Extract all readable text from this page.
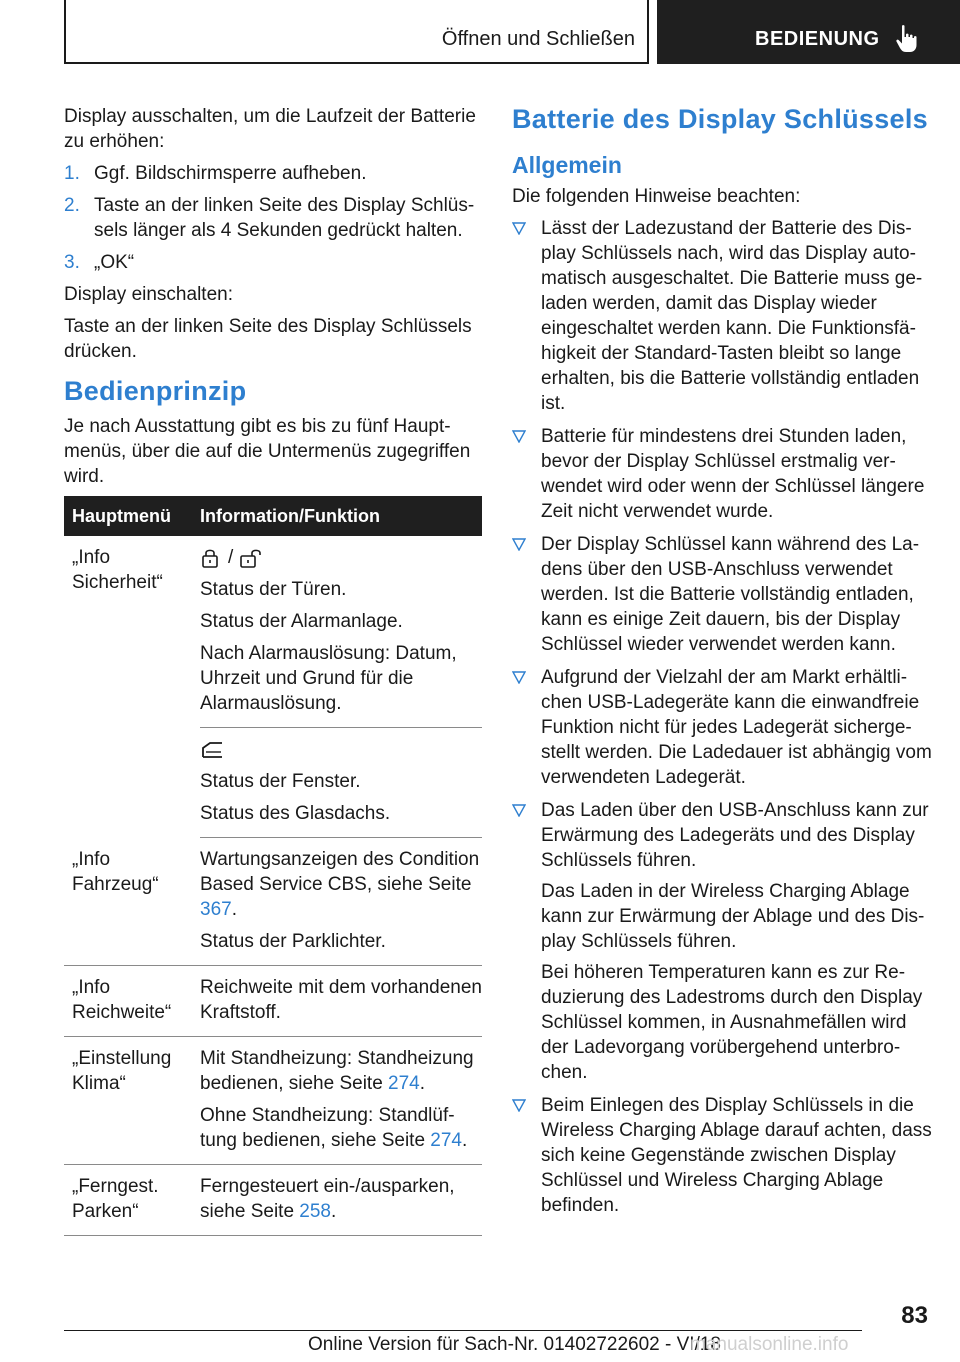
Öffnen und Schließen	BEDIENUNG

Display ausschalten, um die Laufzeit der Batterie zu erhöhen:

1. Ggf. Bildschirmsperre aufheben.
2. Taste an der linken Seite des Display Schlüssels länger als 4 Sekunden gedrückt halten.
3. „OK“

Display einschalten:

Taste an der linken Seite des Display Schlüssels drücken.

Bedienprinzip

Je nach Ausstattung gibt es bis zu fünf Hauptmenüs, über die auf die Untermenüs zugegriffen wird.

Hauptmenü	Information/Funktion
„Info Sicherheit“
/

Status der Türen.

Status der Alarmanlage.

Nach Alarmauslösung: Datum, Uhrzeit und Grund für die Alarmauslösung.

Status der Fenster.

Status des Glasdachs.

„Info Fahrzeug“

Wartungsanzeigen des Condition Based Service CBS, siehe Seite 367.

Status der Parklichter.

„Info Reichweite“

Reichweite mit dem vorhandenen Kraftstoff.

„Einstellung Klima“

Mit Standheizung: Standheizung bedienen, siehe Seite 274.

Ohne Standheizung: Standlüftung bedienen, siehe Seite 274.

„Ferngest. Parken“

Ferngesteuert ein-/ausparken, siehe Seite 258.

Batterie des Display Schlüssels
Allgemein

Die folgenden Hinweise beachten:

Lässt der Ladezustand der Batterie des Display Schlüssels nach, wird das Display automatisch ausgeschaltet. Die Batterie muss geladen werden, damit das Display wieder eingeschaltet werden kann. Die Funktionsfähigkeit der Standard-Tasten bleibt so lange erhalten, bis die Batterie vollständig entladen ist.

Batterie für mindestens drei Stunden laden, bevor der Display Schlüssel erstmalig verwendet wird oder wenn der Schlüssel längere Zeit nicht verwendet wurde.

Der Display Schlüssel kann während des Ladens über den USB-Anschluss verwendet werden. Ist die Batterie vollständig entladen, kann es einige Zeit dauern, bis der Display Schlüssel wieder verwendet werden kann.

Aufgrund der Vielzahl der am Markt erhältlichen USB-Ladegeräte kann die einwandfreie Funktion nicht für jedes Ladegerät sichergestellt werden. Die Ladedauer ist abhängig vom verwendeten Ladegerät.

Das Laden über den USB-Anschluss kann zur Erwärmung des Ladegeräts und des Display Schlüssels führen.

Das Laden in der Wireless Charging Ablage kann zur Erwärmung der Ablage und des Display Schlüssels führen.

Bei höheren Temperaturen kann es zur Reduzierung des Ladestroms durch den Display Schlüssel kommen, in Ausnahmefällen wird der Ladevorgang vorübergehend unterbrochen.

Beim Einlegen des Display Schlüssels in die Wireless Charging Ablage darauf achten, dass sich keine Gegenstände zwischen Display Schlüssel und Wireless Charging Ablage befinden.

83
Online Version für Sach-Nr. 01402722602 - VI/18
manualsonline.info
